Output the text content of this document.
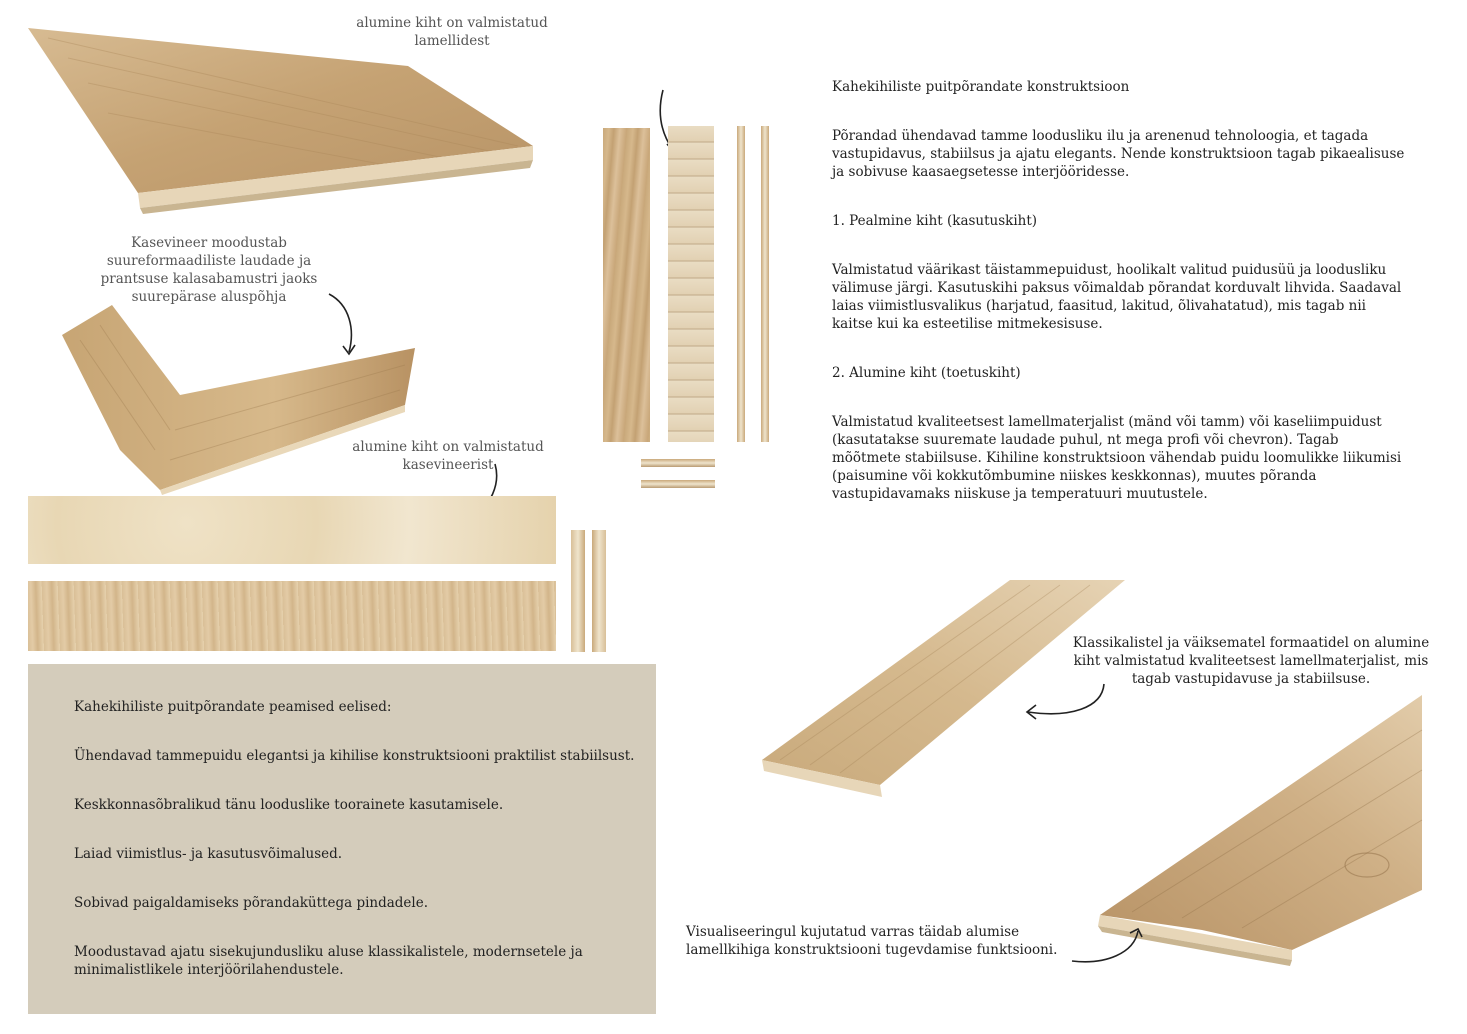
alumine kiht on valmistatud lamellidest
Kasevineer moodustab suureformaadiliste laudade ja prantsuse kalasabamustri jaoks suurepärase aluspõhja
alumine kiht on valmistatud kasevineerist

Kahekihiliste puitpõrandate konstruktsioon

Põrandad ühendavad tamme loodusliku ilu ja arenenud tehnoloogia, et tagada vastupidavus, stabiilsus ja ajatu elegants. Nende konstruktsioon tagab pikaealisuse ja sobivuse kaasaegsetesse interjööridesse.

1. Pealmine kiht (kasutuskiht)

Valmistatud väärikast täistammepuidust, hoolikalt valitud puidusüü ja loodusliku välimuse järgi. Kasutuskihi paksus võimaldab põrandat korduvalt lihvida. Saadaval laias viimistlusvalikus (harjatud, faasitud, lakitud, õlivahatatud), mis tagab nii kaitse kui ka esteetilise mitmekesisuse.

2. Alumine kiht (toetuskiht)

Valmistatud kvaliteetsest lamellmaterjalist (mänd või tamm) või kaseliimpuidust (kasutatakse suuremate laudade puhul, nt mega profi või chevron). Tagab mõõtmete stabiilsuse. Kihiline konstruktsioon vähendab puidu loomulikke liikumisi (paisumine või kokkutõmbumine niiskes keskkonnas), muutes põranda vastupidavamaks niiskuse ja temperatuuri muutustele.

Kahekihiliste puitpõrandate peamised eelised:
Ühendavad tammepuidu elegantsi ja kihilise konstruktsiooni praktilist stabiilsust.
Keskkonnasõbralikud tänu looduslike toorainete kasutamisele.
Laiad viimistlus- ja kasutusvõimalused.
Sobivad paigaldamiseks põrandaküttega pindadele.
Moodustavad ajatu sisekujundusliku aluse klassikalistele, modernsetele ja minimalistlikele interjöörilahendustele.
Klassikalistel ja väiksematel formaatidel on alumine kiht valmistatud kvaliteetsest lamellmaterjalist, mis tagab vastupidavuse ja stabiilsuse.
Visualiseeringul kujutatud varras täidab alumise lamellkihiga konstruktsiooni tugevdamise funktsiooni.
